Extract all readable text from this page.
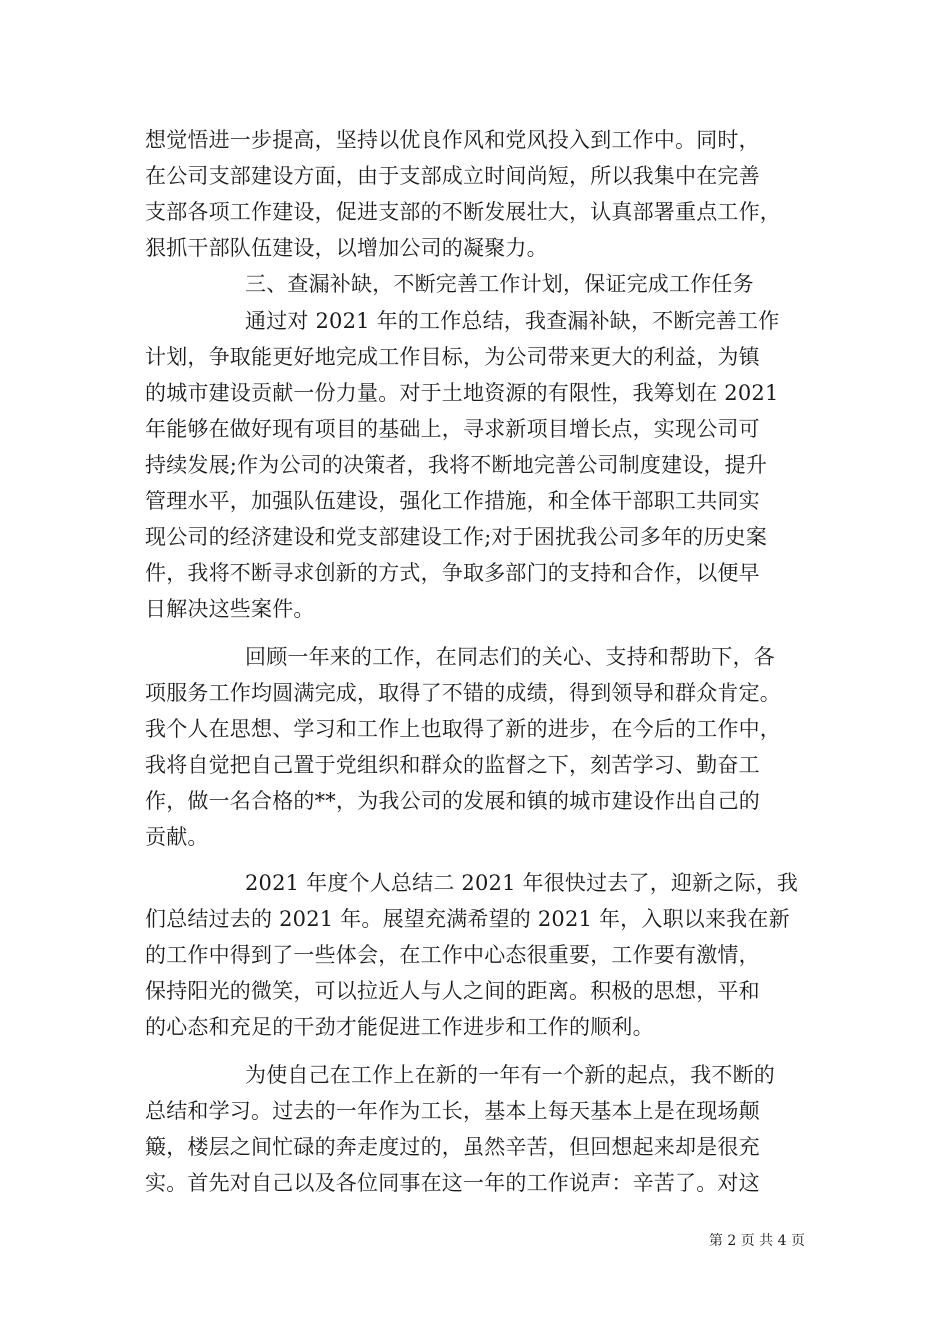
想觉悟进一步提高，坚持以优良作风和党风投入到工作中。同时，
在公司支部建设方面，由于支部成立时间尚短，所以我集中在完善
支部各项工作建设，促进支部的不断发展壮大，认真部署重点工作，
狠抓干部队伍建设，以增加公司的凝聚力。
三、查漏补缺，不断完善工作计划，保证完成工作任务
通过对 2021 年的工作总结，我查漏补缺，不断完善工作
计划，争取能更好地完成工作目标，为公司带来更大的利益，为镇
的城市建设贡献一份力量。对于土地资源的有限性，我筹划在 2021
年能够在做好现有项目的基础上，寻求新项目增长点，实现公司可
持续发展;作为公司的决策者，我将不断地完善公司制度建设，提升
管理水平，加强队伍建设，强化工作措施，和全体干部职工共同实
现公司的经济建设和党支部建设工作;对于困扰我公司多年的历史案
件，我将不断寻求创新的方式，争取多部门的支持和合作，以便早
日解决这些案件。
回顾一年来的工作，在同志们的关心、支持和帮助下，各
项服务工作均圆满完成，取得了不错的成绩，得到领导和群众肯定。
我个人在思想、学习和工作上也取得了新的进步，在今后的工作中，
我将自觉把自己置于党组织和群众的监督之下，刻苦学习、勤奋工
作，做一名合格的**，为我公司的发展和镇的城市建设作出自己的
贡献。
2021 年度个人总结二 2021 年很快过去了，迎新之际，我
们总结过去的 2021 年。展望充满希望的 2021 年，入职以来我在新
的工作中得到了一些体会，在工作中心态很重要，工作要有激情，
保持阳光的微笑，可以拉近人与人之间的距离。积极的思想，平和
的心态和充足的干劲才能促进工作进步和工作的顺利。
为使自己在工作上在新的一年有一个新的起点，我不断的
总结和学习。过去的一年作为工长，基本上每天基本上是在现场颠
簸，楼层之间忙碌的奔走度过的，虽然辛苦，但回想起来却是很充
实。首先对自己以及各位同事在这一年的工作说声：辛苦了。对这
第 2 页 共 4 页
